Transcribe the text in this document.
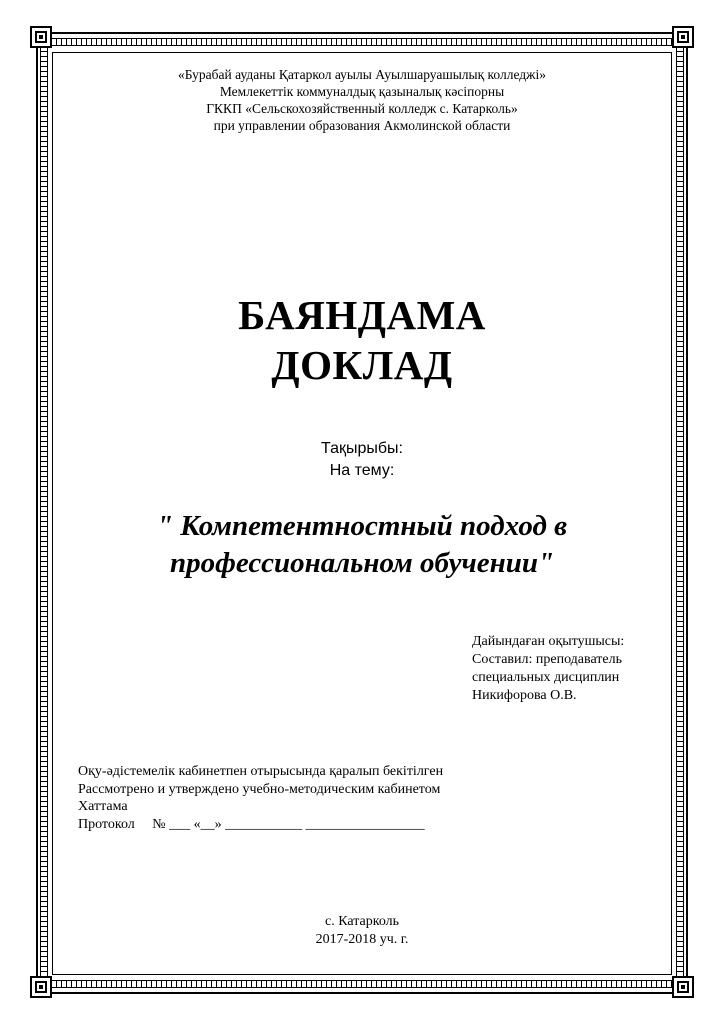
«Бурабай ауданы Қатаркол ауылы Ауылшаруашылық колледжі»
Мемлекеттік коммуналдық қазыналық кәсіпорны
ГККП «Сельскохозяйственный колледж с. Катарколь»
при управлении образования Акмолинской области
БАЯНДАМА
ДОКЛАД
Тақырыбы:
На тему:
" Компетентностный подход в
профессиональном обучении"
Дайындаған оқытушысы:
Составил: преподаватель
специальных дисциплин
Никифорова О.В.
Оқу-әдістемелік кабинетпен отырысында қаралып бекітілген
Рассмотрено и утверждено учебно-методическим кабинетом
Хаттама
Протокол     № ___ «__» ___________ _________________
с. Катарколь
2017-2018 уч. г.
